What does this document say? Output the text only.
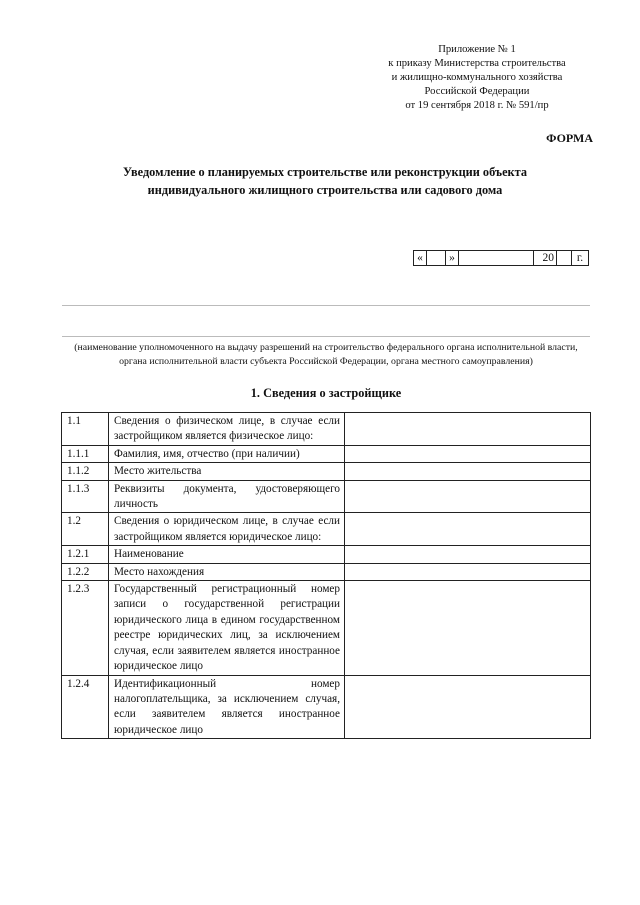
Приложение № 1
к приказу Министерства строительства
и жилищно-коммунального хозяйства
Российской Федерации
от 19 сентября 2018 г. № 591/пр
ФОРМА
Уведомление о планируемых строительстве или реконструкции объекта
индивидуального жилищного строительства или садового дома
«		»		20		г.
(наименование уполномоченного на выдачу разрешений на строительство федерального органа исполнительной власти, органа исполнительной власти субъекта Российской Федерации, органа местного самоуправления)
1. Сведения о застройщике
1.1	Сведения о физическом лице, в случае если застройщиком является физическое лицо:	
1.1.1	Фамилия, имя, отчество (при наличии)	
1.1.2	Место жительства	
1.1.3	Реквизиты документа, удостоверяющего личность	
1.2	Сведения о юридическом лице, в случае если застройщиком является юридическое лицо:	
1.2.1	Наименование	
1.2.2	Место нахождения	
1.2.3	Государственный регистрационный номер записи о государственной регистрации юридического лица в едином государственном реестре юридических лиц, за исключением случая, если заявителем является иностранное юридическое лицо	
1.2.4	Идентификационный номер налогоплательщика, за исключением случая, если заявителем является иностранное юридическое лицо	
